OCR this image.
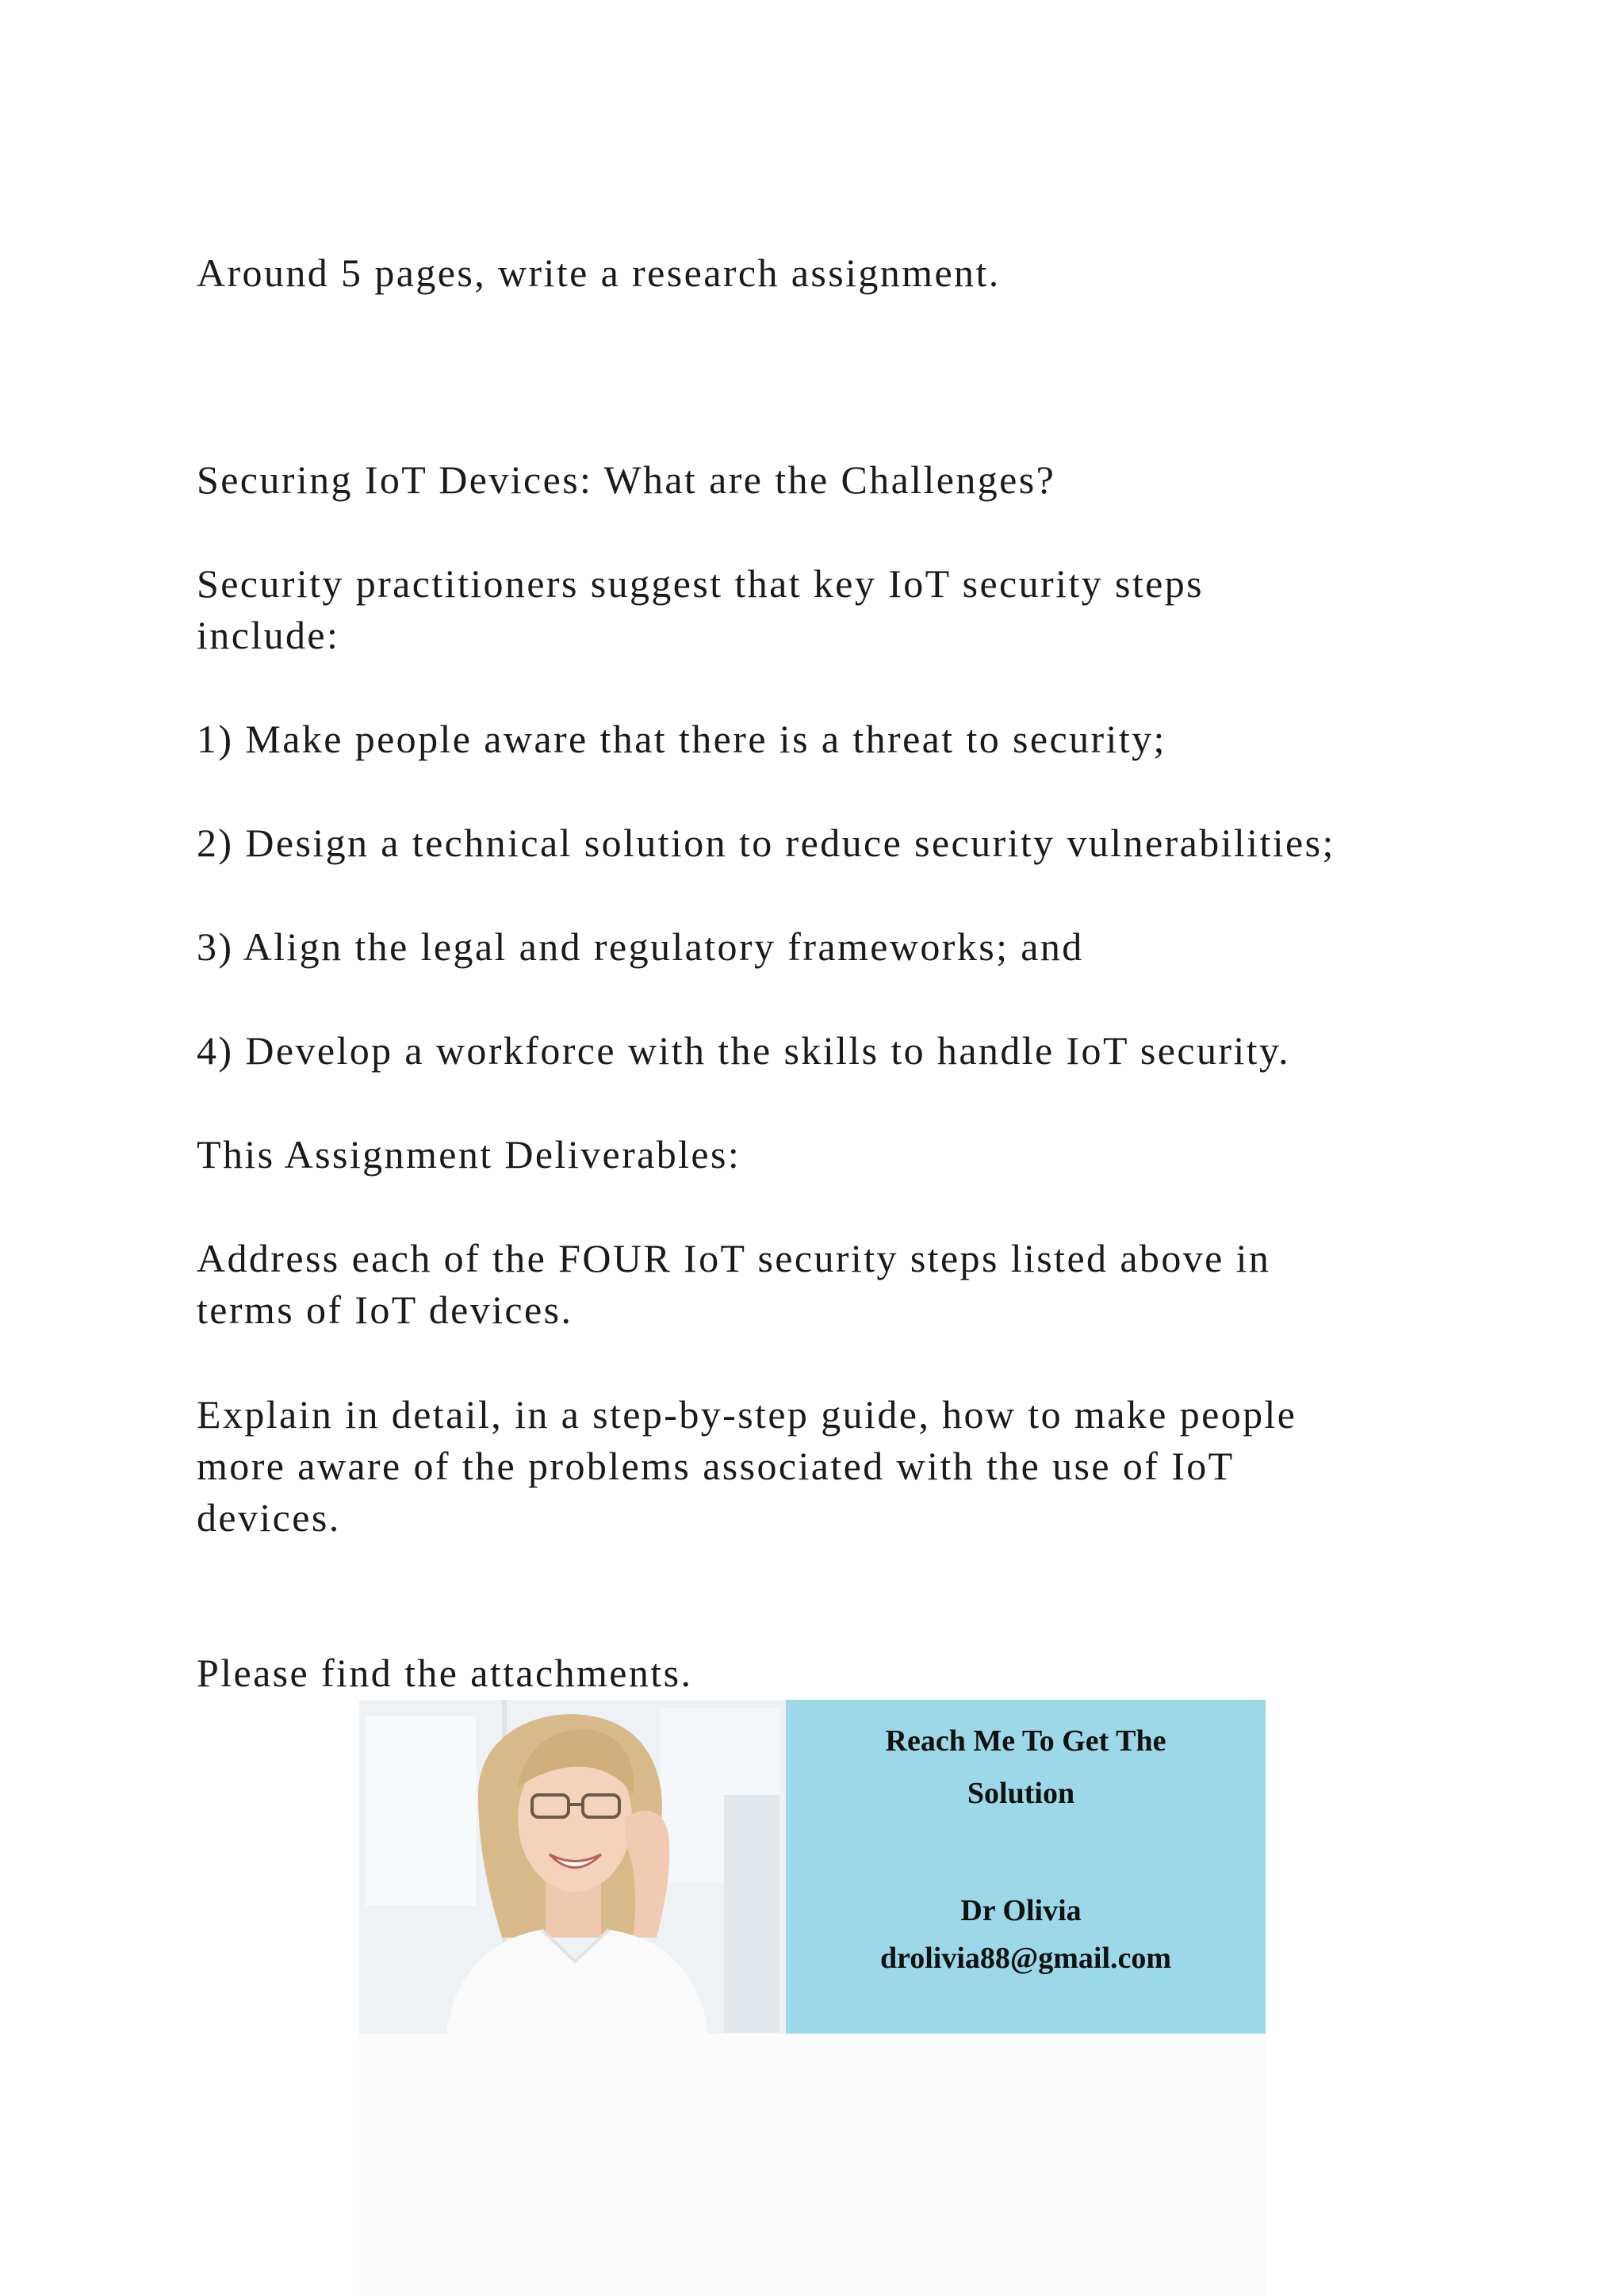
Around 5 pages, write a research assignment.

Securing IoT Devices: What are the Challenges?

Security practitioners suggest that key IoT security steps
include:

1) Make people aware that there is a threat to security;

2) Design a technical solution to reduce security vulnerabilities;

3) Align the legal and regulatory frameworks; and

4) Develop a workforce with the skills to handle IoT security.

This Assignment Deliverables:

Address each of the FOUR IoT security steps listed above in
terms of IoT devices.

Explain in detail, in a step-by-step guide, how to make people
more aware of the problems associated with the use of IoT
devices.

Please find the attachments.

Reach Me To Get The
Solution
Dr Olivia
drolivia88@gmail.com
